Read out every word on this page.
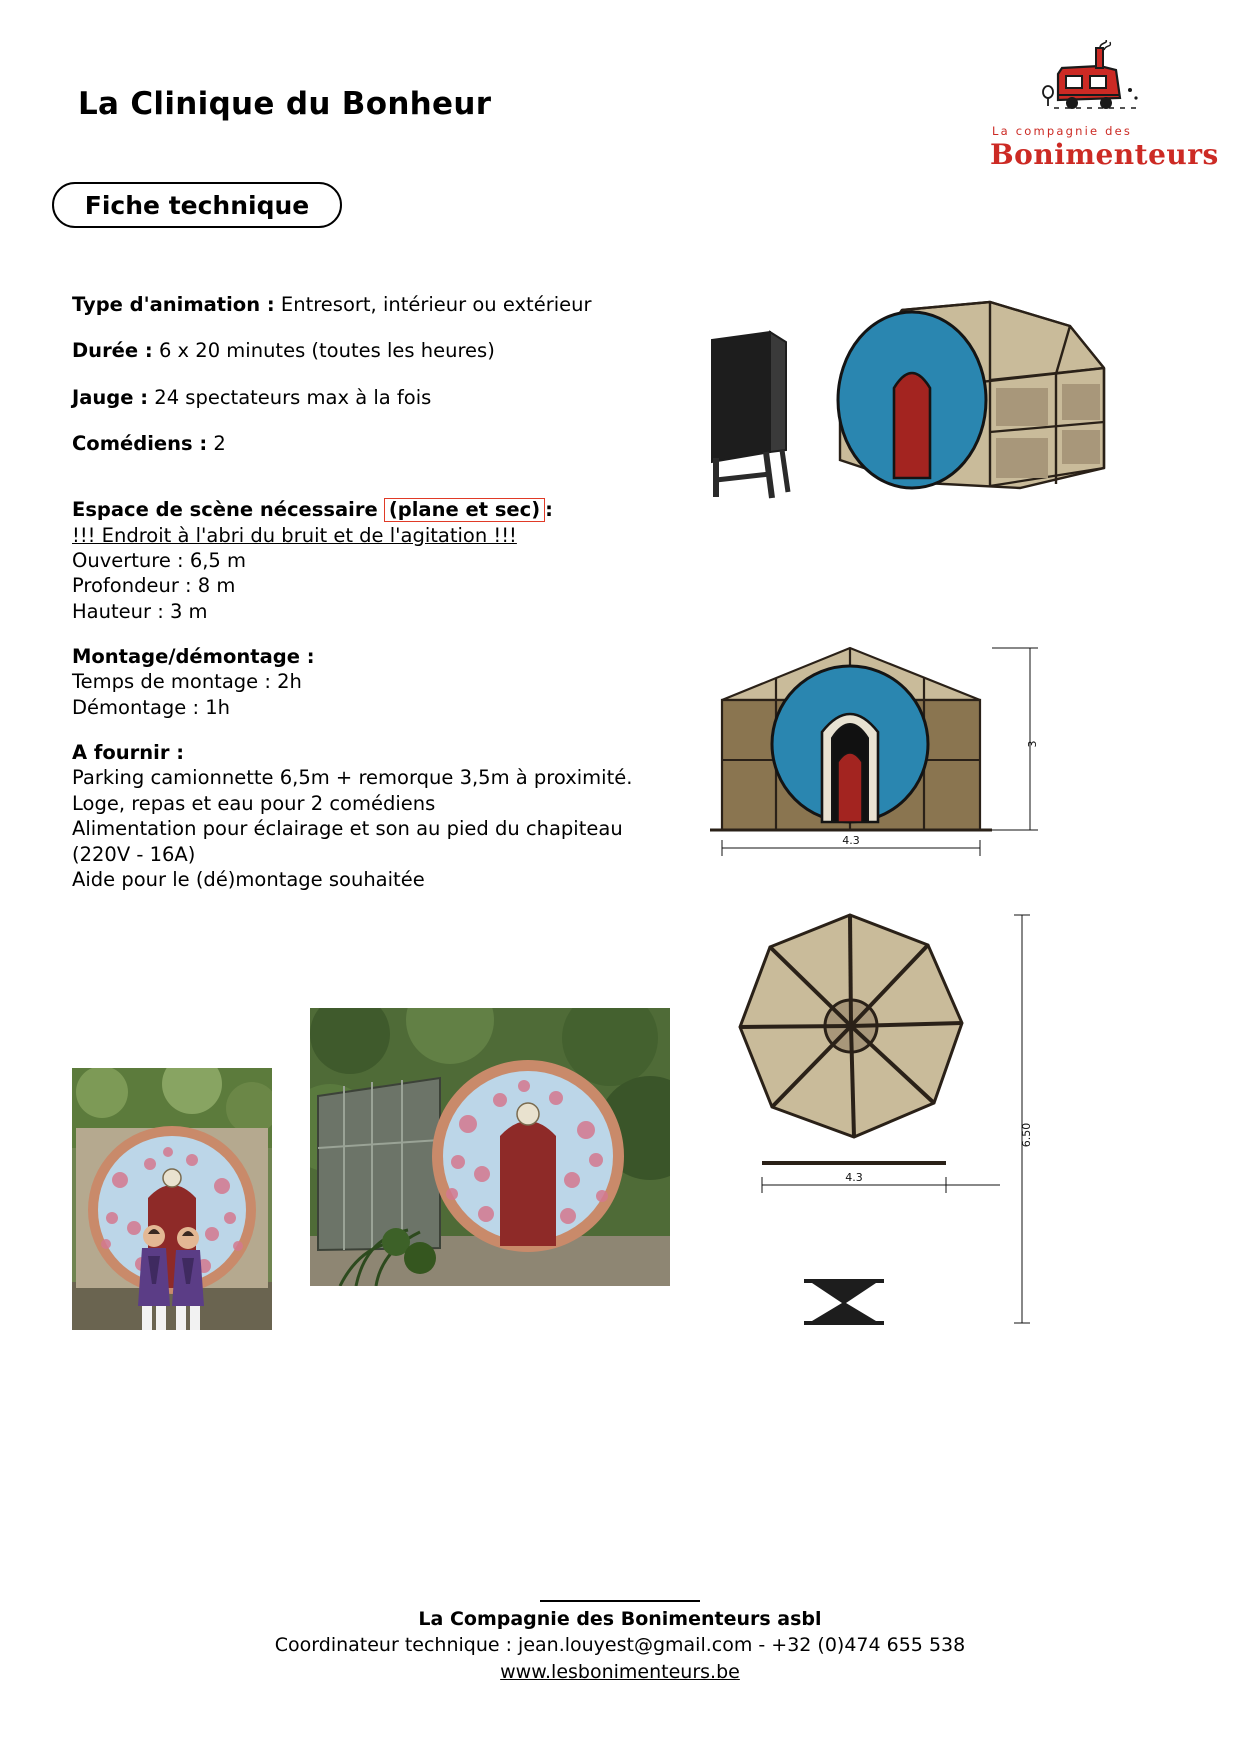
La Clinique du Bonheur
La compagnie des
Bonimenteurs
Fiche technique
Type d'animation : Entresort, intérieur ou extérieur
Durée : 6 x 20 minutes (toutes les heures)
Jauge : 24 spectateurs max à la fois
Comédiens : 2
Espace de scène nécessaire (plane et sec) :
!!! Endroit à l'abri du bruit et de l'agitation !!!
Ouverture : 6,5 m
Profondeur : 8 m
Hauteur : 3 m
Montage/démontage :
Temps de montage : 2h
Démontage : 1h
A fournir :
Parking camionnette 6,5m + remorque 3,5m à proximité.
Loge, repas et eau pour 2 comédiens
Alimentation pour éclairage et son au pied du chapiteau
(220V - 16A)
Aide pour le (dé)montage souhaitée
3
4.3
6.50
4.3
La Compagnie des Bonimenteurs asbl
Coordinateur technique : jean.louyest@gmail.com - +32 (0)474 655 538
www.lesbonimenteurs.be
